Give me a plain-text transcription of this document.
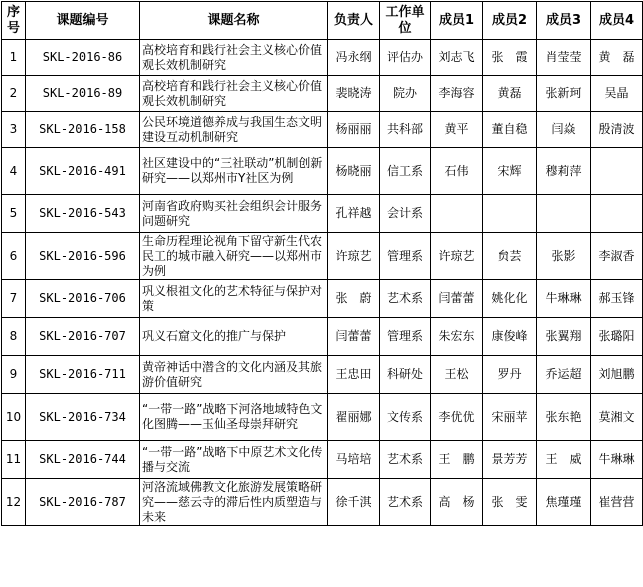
序号	课题编号	课题名称	负责人	工作单位	成员1	成员2	成员3	成员4
1	SKL-2016-86	高校培育和践行社会主义核心价值观长效机制研究	冯永纲	评估办	刘志飞	张　霞	肖莹莹	黄　磊
2	SKL-2016-89	高校培育和践行社会主义核心价值观长效机制研究	裴晓涛	院办	李海容	黄磊	张新珂	吴晶
3	SKL-2016-158	公民环境道德养成与我国生态文明建设互动机制研究	杨丽丽	共科部	黄平	董自稳	闫焱	殷清波
4	SKL-2016-491	社区建设中的“三社联动”机制创新研究——以郑州市Y社区为例	杨晓丽	信工系	石伟	宋辉	穆莉萍	
5	SKL-2016-543	河南省政府购买社会组织会计服务问题研究	孔祥越	会计系				
6	SKL-2016-596	生命历程理论视角下留守新生代农民工的城市融入研究——以郑州市为例	许琼艺	管理系	许琼艺	贠芸	张影	李淑香
7	SKL-2016-706	巩义根祖文化的艺术特征与保护对策	张　蔚	艺术系	闫蕾蕾	姚化化	牛琳琳	郝玉锋
8	SKL-2016-707	巩义石窟文化的推广与保护	闫蕾蕾	管理系	朱宏东	康俊峰	张翼翔	张璐阳
9	SKL-2016-711	黄帝神话中潜含的文化内涵及其旅游价值研究	王忠田	科研处	王松	罗丹	乔运超	刘旭鹏
10	SKL-2016-734	“一带一路”战略下河洛地域特色文化图腾——玉仙圣母崇拜研究	翟丽娜	文传系	李优优	宋丽苹	张东艳	莫湘文
11	SKL-2016-744	“一带一路”战略下中原艺术文化传播与交流	马培培	艺术系	王　鹏	景芳芳	王　威	牛琳琳
12	SKL-2016-787	河洛流域佛教文化旅游发展策略研究——慈云寺的滞后性内质塑造与未来	徐千淇	艺术系	高　杨	张　雯	焦瑾瑾	崔营营
